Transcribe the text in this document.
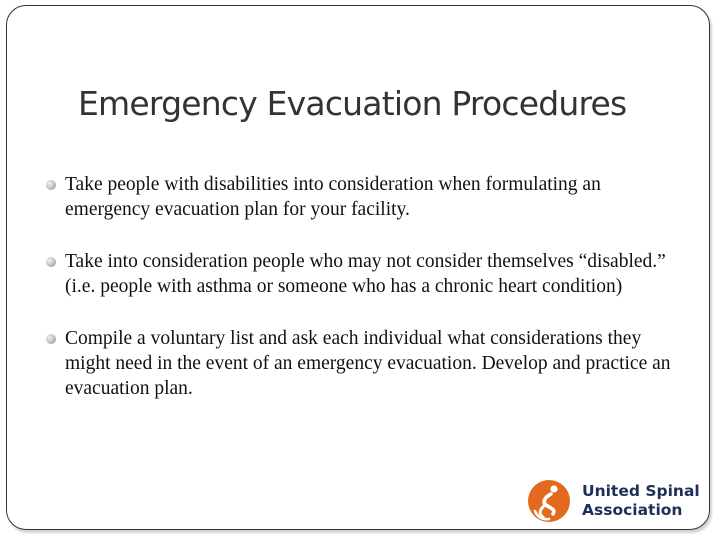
Emergency Evacuation Procedures
Take people with disabilities into consideration when formulating an emergency evacuation plan for your facility.
Take into consideration people who may not consider themselves “disabled.” (i.e. people with asthma or someone who has a chronic heart condition)
Compile a voluntary list and ask each individual what considerations they might need in the event of an emergency evacuation. Develop and practice an evacuation plan.
United Spinal
Association
